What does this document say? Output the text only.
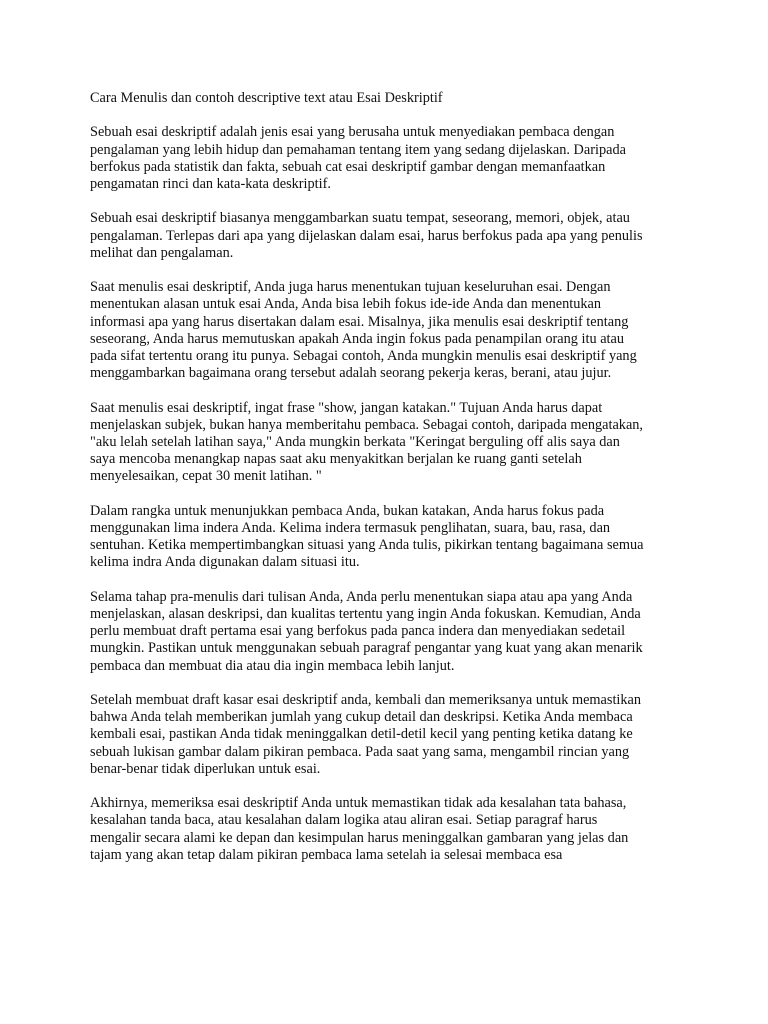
Cara Menulis dan contoh descriptive text atau Esai Deskriptif
Sebuah esai deskriptif adalah jenis esai yang berusaha untuk menyediakan pembaca dengan
pengalaman yang lebih hidup dan pemahaman tentang item yang sedang dijelaskan. Daripada
berfokus pada statistik dan fakta, sebuah cat esai deskriptif gambar dengan memanfaatkan
pengamatan rinci dan kata-kata deskriptif.
Sebuah esai deskriptif biasanya menggambarkan suatu tempat, seseorang, memori, objek, atau
pengalaman. Terlepas dari apa yang dijelaskan dalam esai, harus berfokus pada apa yang penulis
melihat dan pengalaman.
Saat menulis esai deskriptif, Anda juga harus menentukan tujuan keseluruhan esai. Dengan
menentukan alasan untuk esai Anda, Anda bisa lebih fokus ide-ide Anda dan menentukan
informasi apa yang harus disertakan dalam esai. Misalnya, jika menulis esai deskriptif tentang
seseorang, Anda harus memutuskan apakah Anda ingin fokus pada penampilan orang itu atau
pada sifat tertentu orang itu punya. Sebagai contoh, Anda mungkin menulis esai deskriptif yang
menggambarkan bagaimana orang tersebut adalah seorang pekerja keras, berani, atau jujur.
Saat menulis esai deskriptif, ingat frase "show, jangan katakan." Tujuan Anda harus dapat
menjelaskan subjek, bukan hanya memberitahu pembaca. Sebagai contoh, daripada mengatakan,
"aku lelah setelah latihan saya," Anda mungkin berkata "Keringat berguling off alis saya dan
saya mencoba menangkap napas saat aku menyakitkan berjalan ke ruang ganti setelah
menyelesaikan, cepat 30 menit latihan. "
Dalam rangka untuk menunjukkan pembaca Anda, bukan katakan, Anda harus fokus pada
menggunakan lima indera Anda. Kelima indera termasuk penglihatan, suara, bau, rasa, dan
sentuhan. Ketika mempertimbangkan situasi yang Anda tulis, pikirkan tentang bagaimana semua
kelima indra Anda digunakan dalam situasi itu.
Selama tahap pra-menulis dari tulisan Anda, Anda perlu menentukan siapa atau apa yang Anda
menjelaskan, alasan deskripsi, dan kualitas tertentu yang ingin Anda fokuskan. Kemudian, Anda
perlu membuat draft pertama esai yang berfokus pada panca indera dan menyediakan sedetail
mungkin. Pastikan untuk menggunakan sebuah paragraf pengantar yang kuat yang akan menarik
pembaca dan membuat dia atau dia ingin membaca lebih lanjut.
Setelah membuat draft kasar esai deskriptif anda, kembali dan memeriksanya untuk memastikan
bahwa Anda telah memberikan jumlah yang cukup detail dan deskripsi. Ketika Anda membaca
kembali esai, pastikan Anda tidak meninggalkan detil-detil kecil yang penting ketika datang ke
sebuah lukisan gambar dalam pikiran pembaca. Pada saat yang sama, mengambil rincian yang
benar-benar tidak diperlukan untuk esai.
Akhirnya, memeriksa esai deskriptif Anda untuk memastikan tidak ada kesalahan tata bahasa,
kesalahan tanda baca, atau kesalahan dalam logika atau aliran esai. Setiap paragraf harus
mengalir secara alami ke depan dan kesimpulan harus meninggalkan gambaran yang jelas dan
tajam yang akan tetap dalam pikiran pembaca lama setelah ia selesai membaca esa
